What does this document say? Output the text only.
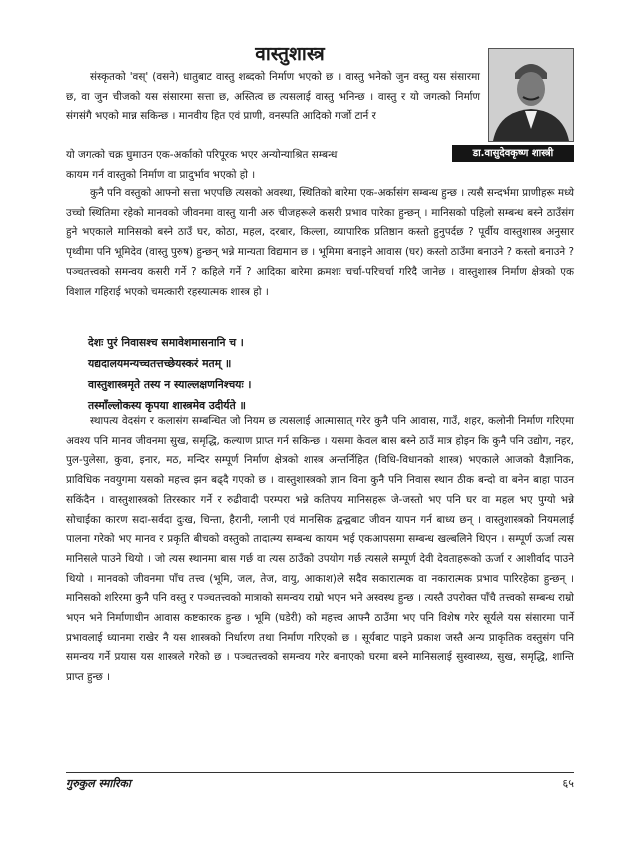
वास्तुशास्त्र
डा.वासुदेवकृष्ण शास्त्री

संस्कृतको 'वस्' (वसने) धातुबाट वास्तु शब्दको निर्माण भएको छ । वास्तु भनेको जुन वस्तु यस संसारमा छ, वा जुन चीजको यस संसारमा सत्ता छ, अस्तित्व छ त्यसलाई वास्तु भनिन्छ । वास्तु र यो जगत्को निर्माण संगसंगै भएको मान्न सकिन्छ । मानवीय हित एवं प्राणी, वनस्पति आदिको गर्जो टार्न र

यो जगत्को चक्र घुमाउन एक-अर्काको परिपूरक भएर अन्योन्याश्रित सम्बन्ध

कायम गर्न वास्तुको निर्माण वा प्रादुर्भाव भएको हो ।

कुनै पनि वस्तुको आफ्नो सत्ता भएपछि त्यसको अवस्था, स्थितिको बारेमा एक-अर्कासंग सम्बन्ध हुन्छ । त्यसै सन्दर्भमा प्राणीहरू मध्ये उच्चो स्थितिमा रहेको मानवको जीवनमा वास्तु यानी अरु चीजहरूले कसरी प्रभाव पारेका हुन्छन् । मानिसको पहिलो सम्बन्ध बस्ने ठाउँसंग हुने भएकाले मानिसको बस्ने ठाउँ घर, कोठा, महल, दरबार, किल्ला, व्यापारिक प्रतिष्ठान कस्तो हुनुपर्दछ ? पूर्वीय वास्तुशास्त्र अनुसार पृथ्वीमा पनि भूमिदेव (वास्तु पुरुष) हुन्छन् भन्ने मान्यता विद्यमान छ । भूमिमा बनाइने आवास (घर) कस्तो ठाउँमा बनाउने ? कस्तो बनाउने ? पञ्चतत्त्वको समन्वय कसरी गर्ने ? कहिले गर्ने ? आदिका बारेमा क्रमशः चर्चा-परिचर्चा गरिदै जानेछ । वास्तुशास्त्र निर्माण क्षेत्रको एक विशाल गहिराई भएको चमत्कारी रहस्यात्मक शास्त्र हो ।

देशः पुरं निवासश्च समावेशमासनानि च ।
यद्यदालयमन्यच्चतत्तच्छेयस्करं मतम् ॥
वास्तुशास्त्रमृते तस्य न स्याल्लक्षणनिश्चयः ।
तस्माँल्लोकस्य कृपया शास्त्रमेव उदीर्यते ॥

स्थापत्य वेदसंग र कलासंग सम्बन्धित जो नियम छ त्यसलाई आत्मासात् गरेर कुनै पनि आवास, गाउँ, शहर, कलोनी निर्माण गरिएमा अवश्य पनि मानव जीवनमा सुख, समृद्धि, कल्याण प्राप्त गर्न सकिन्छ । यसमा केवल बास बस्ने ठाउँ मात्र होइन कि कुनै पनि उद्योग, नहर, पुल-पुलेसा, कुवा, इनार, मठ, मन्दिर सम्पूर्ण निर्माण क्षेत्रको शास्त्र अन्तर्निहित (विधि-विधानको शास्त्र) भएकाले आजको वैज्ञानिक, प्राविधिक नवयुगमा यसको महत्त्व झन बढ्दै गएको छ । वास्तुशास्त्रको ज्ञान विना कुनै पनि निवास स्थान ठीक बन्दो वा बनेन बाहा पाउन सकिंदैन । वास्तुशास्त्रको तिरस्कार गर्ने र रुढीवादी परम्परा भन्ने कतिपय मानिसहरू जे-जस्तो भए पनि घर वा महल भए पुग्यो भन्ने सोचाईका कारण सदा-सर्वदा दुःख, चिन्ता, हैरानी, ग्लानी एवं मानसिक द्वन्द्वबाट जीवन यापन गर्न बाध्य छन् । वास्तुशास्त्रको नियमलाई पालना गरेको भए मानव र प्रकृति बीचको वस्तुको तादात्म्य सम्बन्ध कायम भई एकआपसमा सम्बन्ध खल्बलिने थिएन । सम्पूर्ण ऊर्जा त्यस मानिसले पाउने थियो । जो त्यस स्थानमा बास गर्छ वा त्यस ठाउँको उपयोग गर्छ त्यसले सम्पूर्ण देवी देवताहरूको ऊर्जा र आशीर्वाद पाउने थियो । मानवको जीवनमा पाँच तत्त्व (भूमि, जल, तेज, वायु, आकाश)ले सदैव सकारात्मक वा नकारात्मक प्रभाव पारिरहेका हुन्छन् । मानिसको शरिरमा कुनै पनि वस्तु र पञ्चतत्त्वको मात्राको समन्वय राम्रो भएन भने अस्वस्थ हुन्छ । त्यस्तै उपरोक्त पाँचै तत्त्वको सम्बन्ध राम्रो भएन भने निर्माणाधीन आवास कष्टकारक हुन्छ । भूमि (घडेरी) को महत्त्व आफ्नै ठाउँमा भए पनि विशेष गरेर सूर्यले यस संसारमा पार्ने प्रभावलाई ध्यानमा राखेर नै यस शास्त्रको निर्धारण तथा निर्माण गरिएको छ । सूर्यबाट पाइने प्रकाश जस्तै अन्य प्राकृतिक वस्तुसंग पनि समन्वय गर्ने प्रयास यस शास्त्रले गरेको छ । पञ्चतत्त्वको समन्वय गरेर बनाएको घरमा बस्ने मानिसलाई सुस्वास्थ्य, सुख, समृद्धि, शान्ति प्राप्त हुन्छ ।

गुरुकुल स्मारिका	६५
